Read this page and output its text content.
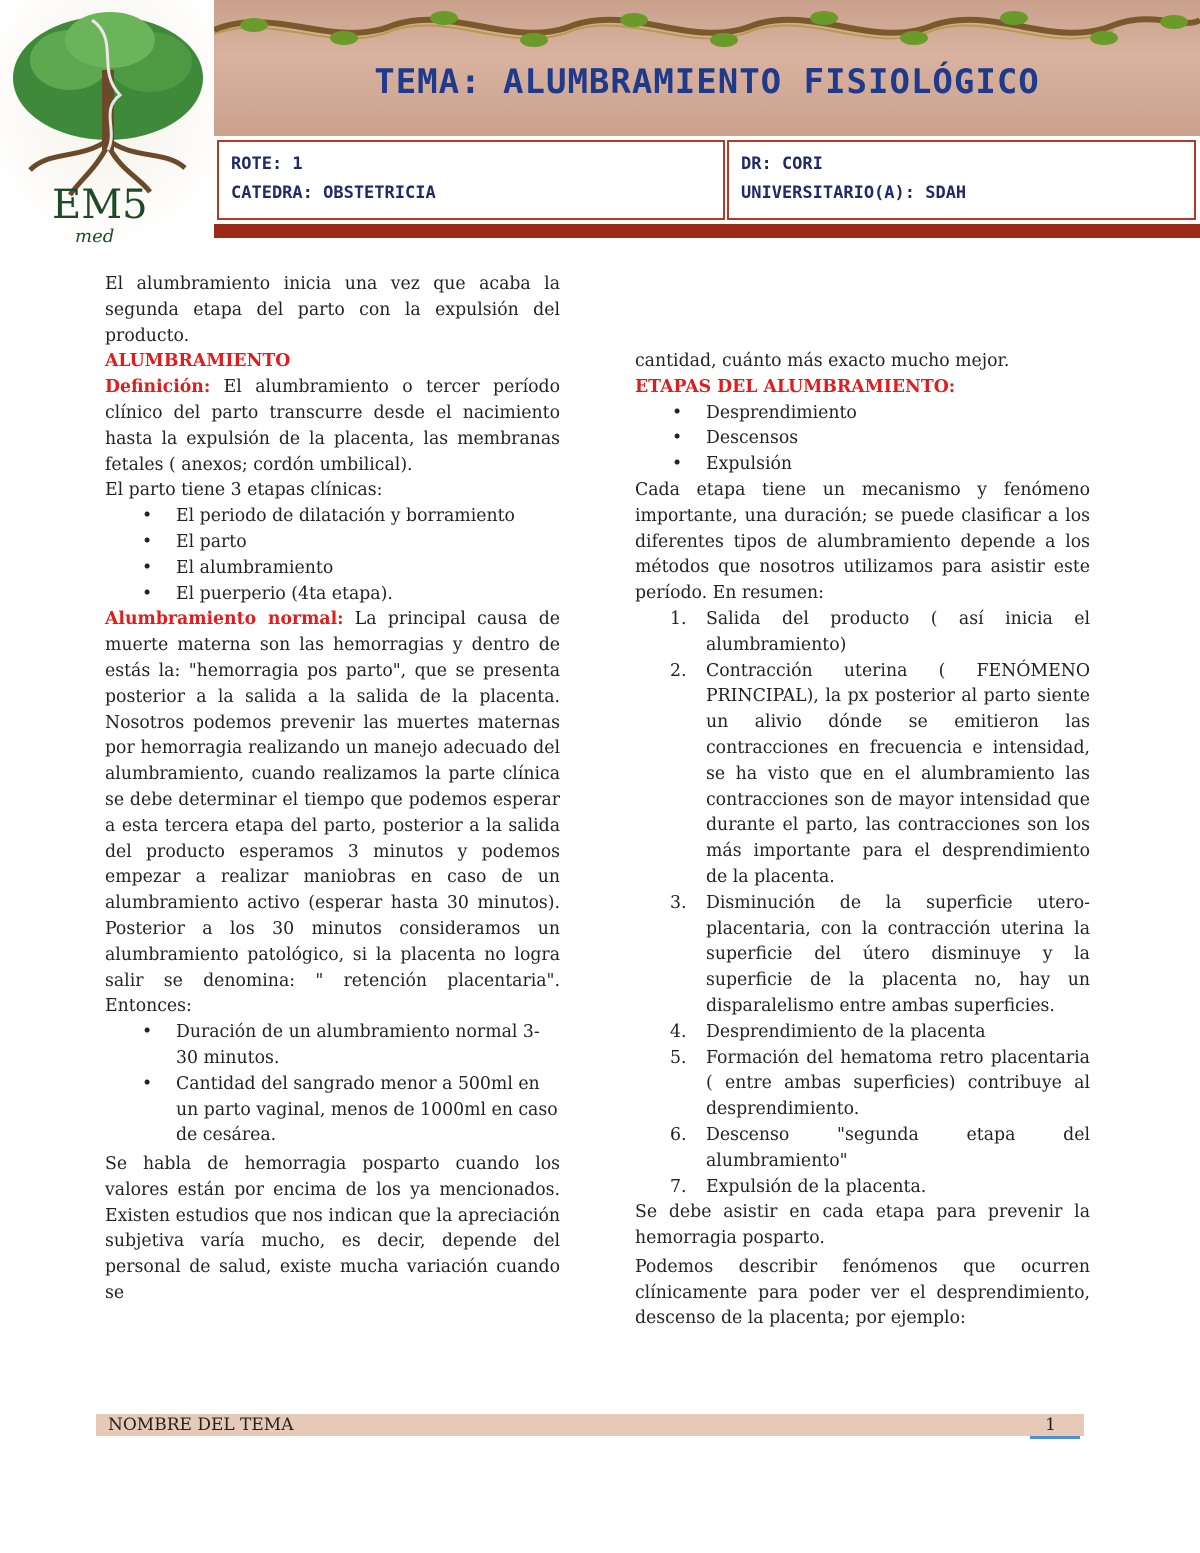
EM5
med
TEMA: ALUMBRAMIENTO FISIOLÓGICO
ROTE: 1
CATEDRA: OBSTETRICIA
DR: CORI
UNIVERSITARIO(A): SDAH

El alumbramiento inicia una vez que acaba la segunda etapa del parto con la expulsión del producto.

ALUMBRAMIENTO

Definición: El alumbramiento o tercer período clínico del parto transcurre desde el nacimiento hasta la expulsión de la placenta, las membranas fetales ( anexos; cordón umbilical).

El parto tiene 3 etapas clínicas:

• El periodo de dilatación y borramiento
• El parto
• El alumbramiento
• El puerperio (4ta etapa).

Alumbramiento normal: La principal causa de muerte materna son las hemorragias y dentro de estás la: "hemorragia pos parto", que se presenta posterior a la salida a la salida de la placenta. Nosotros podemos prevenir las muertes maternas por hemorragia realizando un manejo adecuado del alumbramiento, cuando realizamos la parte clínica se debe determinar el tiempo que podemos esperar a esta tercera etapa del parto, posterior a la salida del producto esperamos 3 minutos y podemos empezar a realizar maniobras en caso de un alumbramiento activo (esperar hasta 30 minutos). Posterior a los 30 minutos consideramos un alumbramiento patológico, si la placenta no logra salir se denomina: " retención placentaria". Entonces:

• Duración de un alumbramiento normal 3-30 minutos.
• Cantidad del sangrado menor a 500ml en un parto vaginal, menos de 1000ml en caso de cesárea.

Se habla de hemorragia posparto cuando los valores están por encima de los ya mencionados. Existen estudios que nos indican que la apreciación subjetiva varía mucho, es decir, depende del personal de salud, existe mucha variación cuando se

cantidad, cuánto más exacto mucho mejor.

ETAPAS DEL ALUMBRAMIENTO:

• Desprendimiento
• Descensos
• Expulsión

Cada etapa tiene un mecanismo y fenómeno importante, una duración; se puede clasificar a los diferentes tipos de alumbramiento depende a los métodos que nosotros utilizamos para asistir este período. En resumen:

1. Salida del producto ( así inicia el alumbramiento)
2. Contracción uterina ( FENÓMENO PRINCIPAL), la px posterior al parto siente un alivio dónde se emitieron las contracciones en frecuencia e intensidad, se ha visto que en el alumbramiento las contracciones son de mayor intensidad que durante el parto, las contracciones son los más importante para el desprendimiento de la placenta.
3. Disminución de la superficie utero-placentaria, con la contracción uterina la superficie del útero disminuye y la superficie de la placenta no, hay un disparalelismo entre ambas superficies.
4. Desprendimiento de la placenta
5. Formación del hematoma retro placentaria ( entre ambas superficies) contribuye al desprendimiento.
6. Descenso "segunda etapa del alumbramiento"
7. Expulsión de la placenta.

Se debe asistir en cada etapa para prevenir la hemorragia posparto.

Podemos describir fenómenos que ocurren clínicamente para poder ver el desprendimiento, descenso de la placenta; por ejemplo:

NOMBRE DEL TEMA	1
